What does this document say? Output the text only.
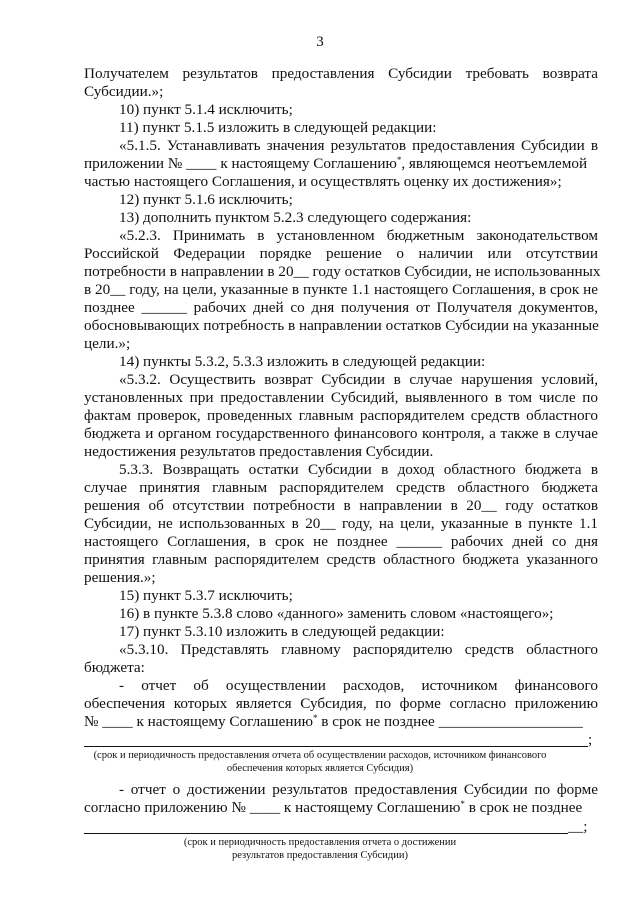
3
Получателем результатов предоставления Субсидии требовать возврата
Субсидии.»;
10) пункт 5.1.4 исключить;
11) пункт 5.1.5 изложить в следующей редакции:
«5.1.5. Устанавливать значения результатов предоставления Субсидии в
приложении № ____ к настоящему Соглашению*, являющемся неотъемлемой
частью настоящего Соглашения, и осуществлять оценку их достижения»;
12) пункт 5.1.6 исключить;
13) дополнить пунктом 5.2.3 следующего содержания:
«5.2.3. Принимать в установленном бюджетным законодательством
Российской Федерации порядке решение о наличии или отсутствии
потребности в направлении в 20__ году остатков Субсидии, не использованных
в 20__ году, на цели, указанные в пункте 1.1 настоящего Соглашения, в срок не
позднее ______ рабочих дней со дня получения от Получателя документов,
обосновывающих потребность в направлении остатков Субсидии на указанные
цели.»;
14) пункты 5.3.2, 5.3.3 изложить в следующей редакции:
«5.3.2. Осуществить возврат Субсидии в случае нарушения условий,
установленных при предоставлении Субсидий, выявленного в том числе по
фактам проверок, проведенных главным распорядителем средств областного
бюджета и органом государственного финансового контроля, а также в случае
недостижения результатов предоставления Субсидии.
5.3.3. Возвращать остатки Субсидии в доход областного бюджета в
случае принятия главным распорядителем средств областного бюджета
решения об отсутствии потребности в направлении в 20__ году остатков
Субсидии, не использованных в 20__ году, на цели, указанные в пункте 1.1
настоящего Соглашения, в срок не позднее ______ рабочих дней со дня
принятия главным распорядителем средств областного бюджета указанного
решения.»;
15) пункт 5.3.7 исключить;
16) в пункте 5.3.8 слово «данного» заменить словом «настоящего»;
17) пункт 5.3.10 изложить в следующей редакции:
«5.3.10. Представлять главному распорядителю средств областного
бюджета:
- отчет об осуществлении расходов, источником финансового
обеспечения которых является Субсидия, по форме согласно приложению
№ ____ к настоящему Соглашению* в срок не позднее ___________________
;
(срок и периодичность предоставления отчета об осуществлении расходов, источником финансового
обеспечения которых является Субсидия)
- отчет о достижении результатов предоставления Субсидии по форме
согласно приложению № ____ к настоящему Соглашению* в срок не позднее
__;
(срок и периодичность предоставления отчета о достижении
результатов предоставления Субсидии)
